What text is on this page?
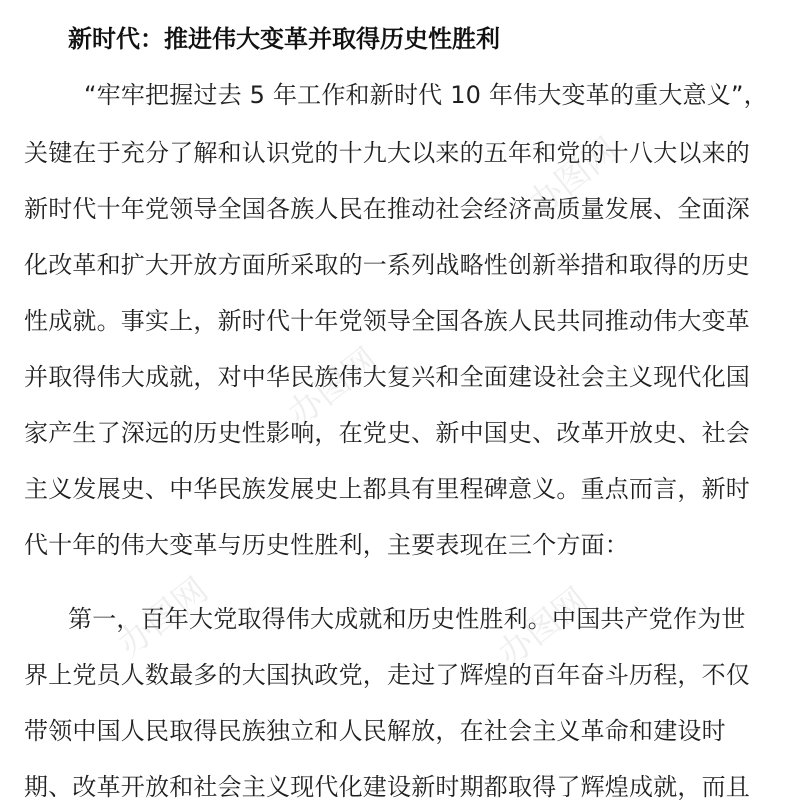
办图网
办图网
办图网	办图网
新时代：推进伟大变革并取得历史性胜利
“牢牢把握过去 5 年工作和新时代 10 年伟大变革的重大意义”，
关键在于充分了解和认识党的十九大以来的五年和党的十八大以来的
新时代十年党领导全国各族人民在推动社会经济高质量发展、全面深
化改革和扩大开放方面所采取的一系列战略性创新举措和取得的历史
性成就。事实上，新时代十年党领导全国各族人民共同推动伟大变革
并取得伟大成就，对中华民族伟大复兴和全面建设社会主义现代化国
家产生了深远的历史性影响，在党史、新中国史、改革开放史、社会
主义发展史、中华民族发展史上都具有里程碑意义。重点而言，新时
代十年的伟大变革与历史性胜利，主要表现在三个方面：
第一，百年大党取得伟大成就和历史性胜利。中国共产党作为世
界上党员人数最多的大国执政党，走过了辉煌的百年奋斗历程，不仅
带领中国人民取得民族独立和人民解放，在社会主义革命和建设时
期、改革开放和社会主义现代化建设新时期都取得了辉煌成就，而且
